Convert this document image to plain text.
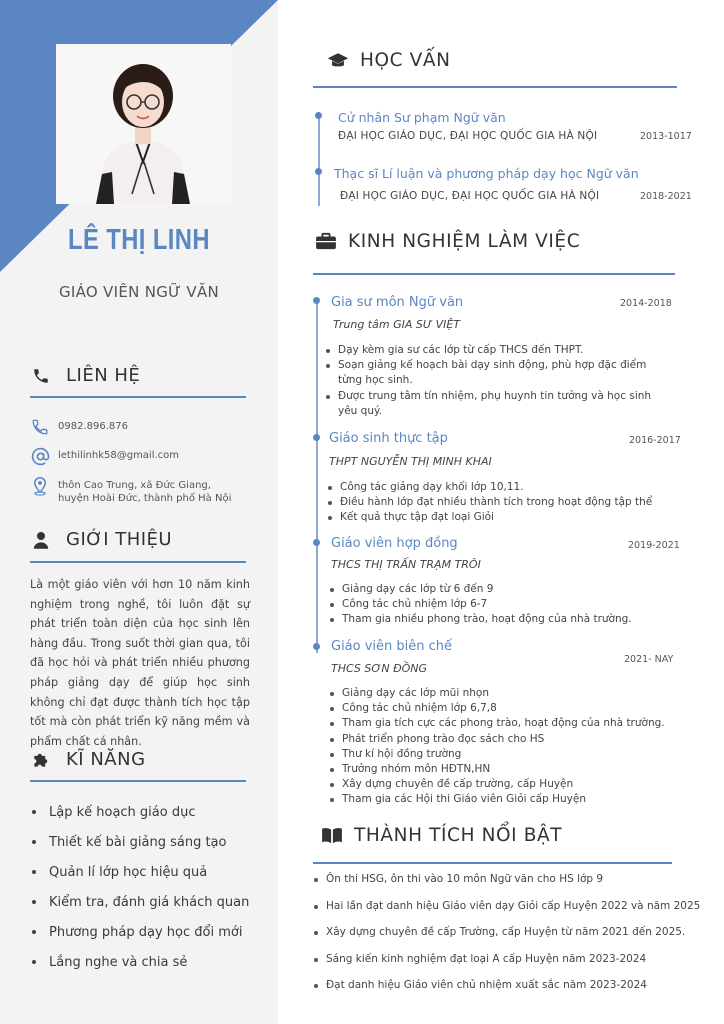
LÊ THỊ LINH
GIÁO VIÊN NGỮ VĂN
LIÊN HỆ
0982.896.876
lethilinhk58@gmail.com
thôn Cao Trung, xã Đức Giang,
huyện Hoài Đức, thành phố Hà Nội
GIỚI THIỆU
Là một giáo viên với hơn 10 năm kinh nghiệm trong nghề, tôi luôn đặt sự phát triển toàn diện của học sinh lên hàng đầu. Trong suốt thời gian qua, tôi đã học hỏi và phát triển nhiều phương pháp giảng dạy để giúp học sinh không chỉ đạt được thành tích học tập tốt mà còn phát triển kỹ năng mềm và phẩm chất cá nhân.
KĨ NĂNG
Lập kế hoạch giáo dục
Thiết kế bài giảng sáng tạo
Quản lí lớp học hiệu quả
Kiểm tra, đánh giá khách quan
Phương pháp dạy học đổi mới
Lắng nghe và chia sẻ
HỌC VẤN
Cử nhân Sư phạm Ngữ văn
ĐẠI HỌC GIÁO DỤC, ĐẠI HỌC QUỐC GIA HÀ NỘI	2013-1017
Thạc sĩ Lí luận và phương pháp dạy học Ngữ văn
ĐẠI HỌC GIÁO DỤC, ĐẠI HỌC QUỐC GIA HÀ NỘI	2018-2021
KINH NGHIỆM LÀM VIỆC
Gia sư môn Ngữ văn	2014-2018
Trung tâm GIA SƯ VIỆT
Dạy kèm gia sư các lớp từ cấp THCS đến THPT.
Soạn giảng kế hoạch bài dạy sinh động, phù hợp đặc điểm
từng học sinh.
Được trung tâm tín nhiệm, phụ huynh tin tưởng và học sinh
yêu quý.
Giáo sinh thực tập	2016-2017
THPT NGUYỄN THỊ MINH KHAI
Công tác giảng dạy khối lớp 10,11.
Điều hành lớp đạt nhiều thành tích trong hoạt động tập thể
Kết quả thực tập đạt loại Giỏi
Giáo viên hợp đồng	2019-2021
THCS THỊ TRẤN TRẠM TRÔI
Giảng dạy các lớp từ 6 đến 9
Công tác chủ nhiệm lớp 6-7
Tham gia nhiều phong trào, hoạt động của nhà trường.
Giáo viên biên chế
2021- NAY
THCS SƠN ĐỒNG
Giảng dạy các lớp mũi nhọn
Công tác chủ nhiệm lớp 6,7,8
Tham gia tích cực các phong trào, hoạt động của nhà trường.
Phát triển phong trào đọc sách cho HS
Thư kí hội đồng trường
Trưởng nhóm môn HĐTN,HN
Xây dựng chuyên đề cấp trường, cấp Huyện
Tham gia các Hội thi Giáo viên Giỏi cấp Huyện
THÀNH TÍCH NỔI BẬT
Ôn thi HSG, ôn thi vào 10 môn Ngữ văn cho HS lớp 9
Hai lần đạt danh hiệu Giáo viên dạy Giỏi cấp Huyện 2022 và năm 2025
Xây dựng chuyên đề cấp Trường, cấp Huyện từ năm 2021 đến 2025.
Sáng kiến kinh nghiệm đạt loại A cấp Huyện năm 2023-2024
Đạt danh hiệu Giáo viên chủ nhiệm xuất sắc năm 2023-2024
